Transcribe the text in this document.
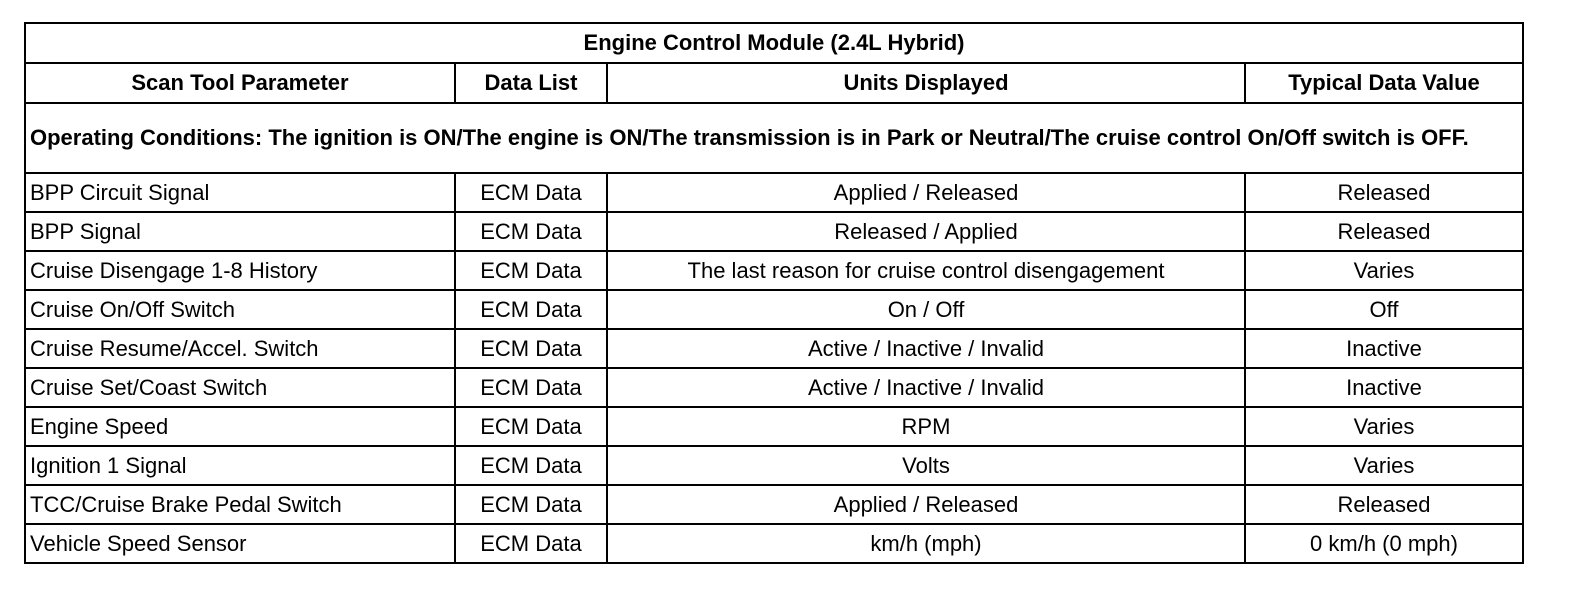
Engine Control Module (2.4L Hybrid)			
Scan Tool Parameter	Data List	Units Displayed	Typical Data Value
Operating Conditions: The ignition is ON/The engine is ON/The transmission is in Park or Neutral/The cruise control On/Off switch is OFF.			
BPP Circuit Signal	ECM Data	Applied / Released	Released
BPP Signal	ECM Data	Released / Applied	Released
Cruise Disengage 1-8 History	ECM Data	The last reason for cruise control disengagement	Varies
Cruise On/Off Switch	ECM Data	On / Off	Off
Cruise Resume/Accel. Switch	ECM Data	Active / Inactive / Invalid	Inactive
Cruise Set/Coast Switch	ECM Data	Active / Inactive / Invalid	Inactive
Engine Speed	ECM Data	RPM	Varies
Ignition 1 Signal	ECM Data	Volts	Varies
TCC/Cruise Brake Pedal Switch	ECM Data	Applied / Released	Released
Vehicle Speed Sensor	ECM Data	km/h (mph)	0 km/h (0 mph)
